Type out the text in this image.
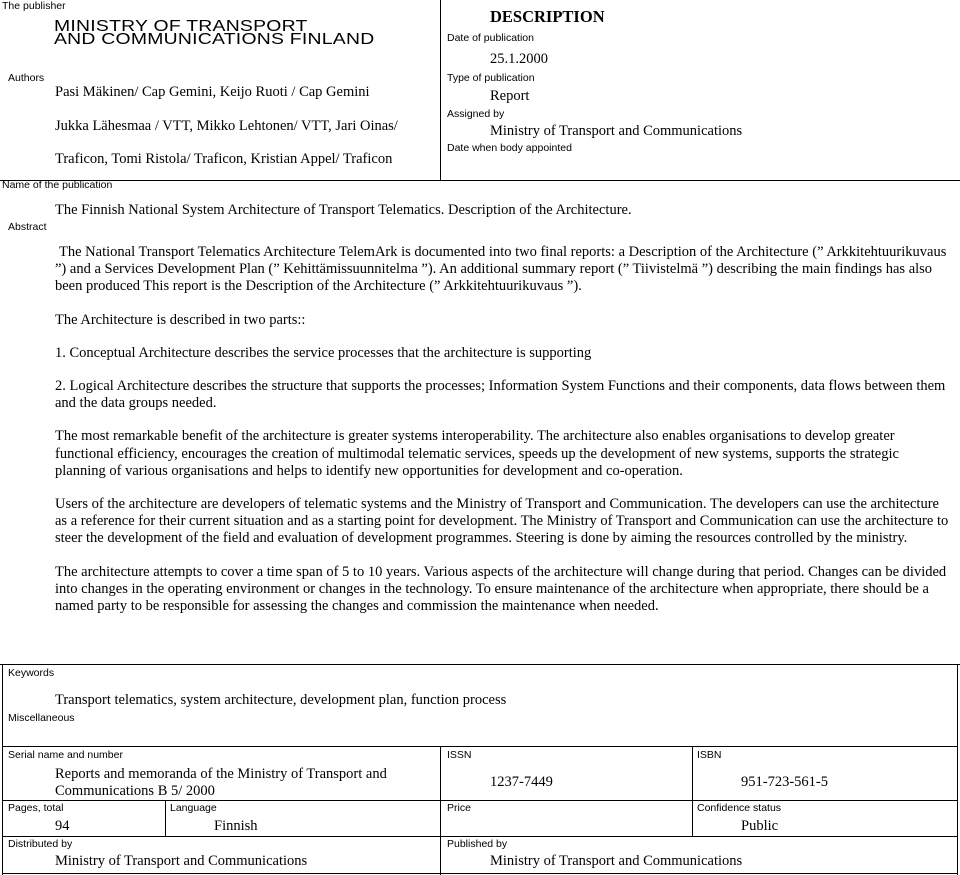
The publisher
MINISTRY OF TRANSPORT
AND COMMUNICATIONS FINLAND
Authors
Pasi Mäkinen/ Cap Gemini, Keijo Ruoti / Cap Gemini
Jukka Lähesmaa / VTT, Mikko Lehtonen/ VTT, Jari Oinas/
Traficon, Tomi Ristola/ Traficon, Kristian Appel/ Traficon
DESCRIPTION
Date of publication
25.1.2000
Type of publication
Report
Assigned by
Ministry of Transport and Communications
Date when body appointed
Name of the publication
The Finnish National System Architecture of Transport Telematics. Description of the Architecture.
Abstract

The National Transport Telematics Architecture TelemArk is documented into two final reports: a Description of the Architecture (” Arkkitehtuurikuvaus ”) and a Services Development Plan (” Kehittämissuunnitelma ”). An additional summary report (” Tiivistelmä ”) describing the main findings has also been produced This report is the Description of the Architecture (” Arkkitehtuurikuvaus ”).

The Architecture is described in two parts::

1. Conceptual Architecture describes the service processes that the architecture is supporting

2. Logical Architecture describes the structure that supports the processes; Information System Functions and their components, data flows between them and the data groups needed.

The most remarkable benefit of the architecture is greater systems interoperability. The architecture also enables organisations to develop greater functional efficiency, encourages the creation of multimodal telematic services, speeds up the development of new systems, supports the strategic planning of various organisations and helps to identify new opportunities for development and co-operation.

Users of the architecture are developers of telematic systems and the Ministry of Transport and Communication. The developers can use the architecture as a reference for their current situation and as a starting point for development. The Ministry of Transport and Communication can use the architecture to steer the development of the field and evaluation of development programmes. Steering is done by aiming the resources controlled by the ministry.

The architecture attempts to cover a time span of 5 to 10 years. Various aspects of the architecture will change during that period. Changes can be divided into changes in the operating environment or changes in the technology. To ensure maintenance of the architecture when appropriate, there should be a named party to be responsible for assessing the changes and commission the maintenance when needed.

Keywords
Transport telematics, system architecture, development plan, function process
Miscellaneous
Serial name and number
Reports and memoranda of the Ministry of Transport and
Communications B 5/ 2000
ISSN
1237-7449
ISBN
951-723-561-5
Pages, total
94
Language
Finnish
Price	Confidence status
Public
Distributed by
Ministry of Transport and Communications
Published by
Ministry of Transport and Communications
